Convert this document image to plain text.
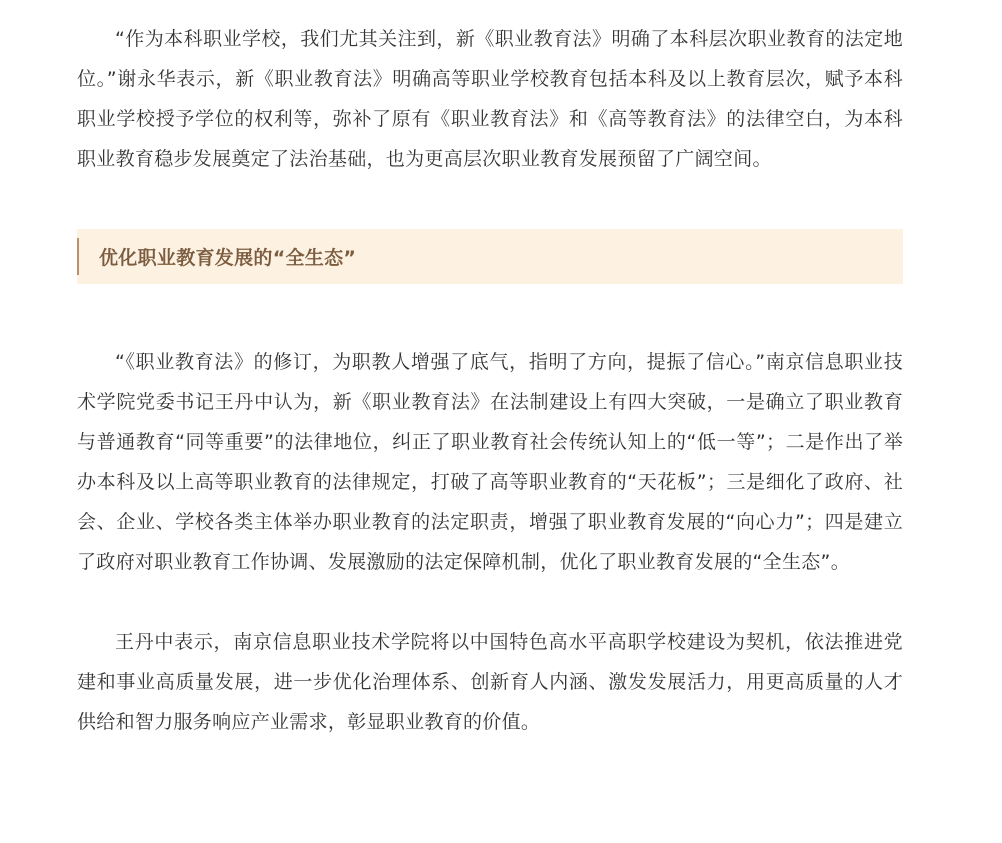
“作为本科职业学校，我们尤其关注到，新《职业教育法》明确了本科层次职业教育的法定地位。”谢永华表示，新《职业教育法》明确高等职业学校教育包括本科及以上教育层次，赋予本科职业学校授予学位的权利等，弥补了原有《职业教育法》和《高等教育法》的法律空白，为本科职业教育稳步发展奠定了法治基础，也为更高层次职业教育发展预留了广阔空间。

优化职业教育发展的“全生态”

“《职业教育法》的修订，为职教人增强了底气，指明了方向，提振了信心。”南京信息职业技术学院党委书记王丹中认为，新《职业教育法》在法制建设上有四大突破，一是确立了职业教育与普通教育“同等重要”的法律地位，纠正了职业教育社会传统认知上的“低一等”；二是作出了举办本科及以上高等职业教育的法律规定，打破了高等职业教育的“天花板”；三是细化了政府、社会、企业、学校各类主体举办职业教育的法定职责，增强了职业教育发展的“向心力”；四是建立了政府对职业教育工作协调、发展激励的法定保障机制，优化了职业教育发展的“全生态”。

王丹中表示，南京信息职业技术学院将以中国特色高水平高职学校建设为契机，依法推进党建和事业高质量发展，进一步优化治理体系、创新育人内涵、激发发展活力，用更高质量的人才供给和智力服务响应产业需求，彰显职业教育的价值。
